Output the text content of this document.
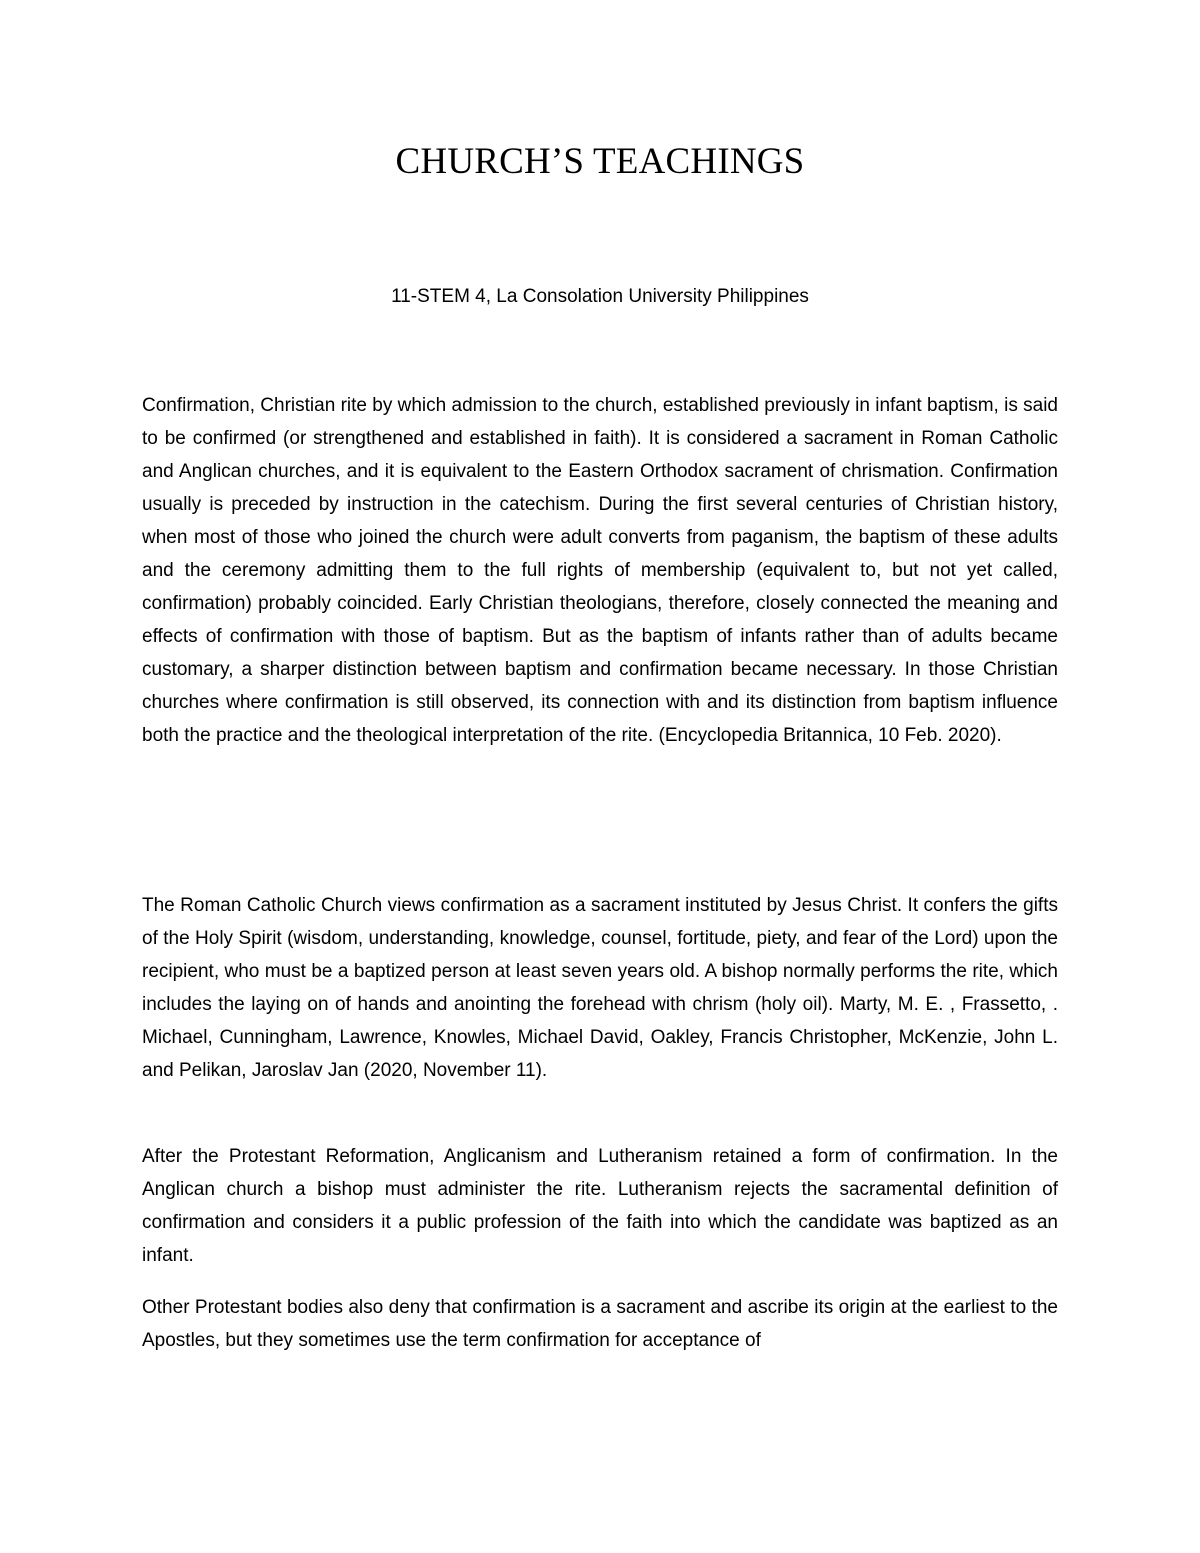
CHURCH’S TEACHINGS

11-STEM 4, La Consolation University Philippines

Confirmation, Christian rite by which admission to the church, established previously in infant baptism, is said to be confirmed (or strengthened and established in faith). It is considered a sacrament in Roman Catholic and Anglican churches, and it is equivalent to the Eastern Orthodox sacrament of chrismation. Confirmation usually is preceded by instruction in the catechism. During the first several centuries of Christian history, when most of those who joined the church were adult converts from paganism, the baptism of these adults and the ceremony admitting them to the full rights of membership (equivalent to, but not yet called, confirmation) probably coincided. Early Christian theologians, therefore, closely connected the meaning and effects of confirmation with those of baptism. But as the baptism of infants rather than of adults became customary, a sharper distinction between baptism and confirmation became necessary. In those Christian churches where confirmation is still observed, its connection with and its distinction from baptism influence both the practice and the theological interpretation of the rite. (Encyclopedia Britannica, 10 Feb. 2020).

The Roman Catholic Church views confirmation as a sacrament instituted by Jesus Christ. It confers the gifts of the Holy Spirit (wisdom, understanding, knowledge, counsel, fortitude, piety, and fear of the Lord) upon the recipient, who must be a baptized person at least seven years old. A bishop normally performs the rite, which includes the laying on of hands and anointing the forehead with chrism (holy oil). Marty, M. E. , Frassetto, . Michael, Cunningham, Lawrence, Knowles, Michael David, Oakley, Francis Christopher, McKenzie, John L. and Pelikan, Jaroslav Jan (2020, November 11).

After the Protestant Reformation, Anglicanism and Lutheranism retained a form of confirmation. In the Anglican church a bishop must administer the rite. Lutheranism rejects the sacramental definition of confirmation and considers it a public profession of the faith into which the candidate was baptized as an infant.

Other Protestant bodies also deny that confirmation is a sacrament and ascribe its origin at the earliest to the Apostles, but they sometimes use the term confirmation for acceptance of
